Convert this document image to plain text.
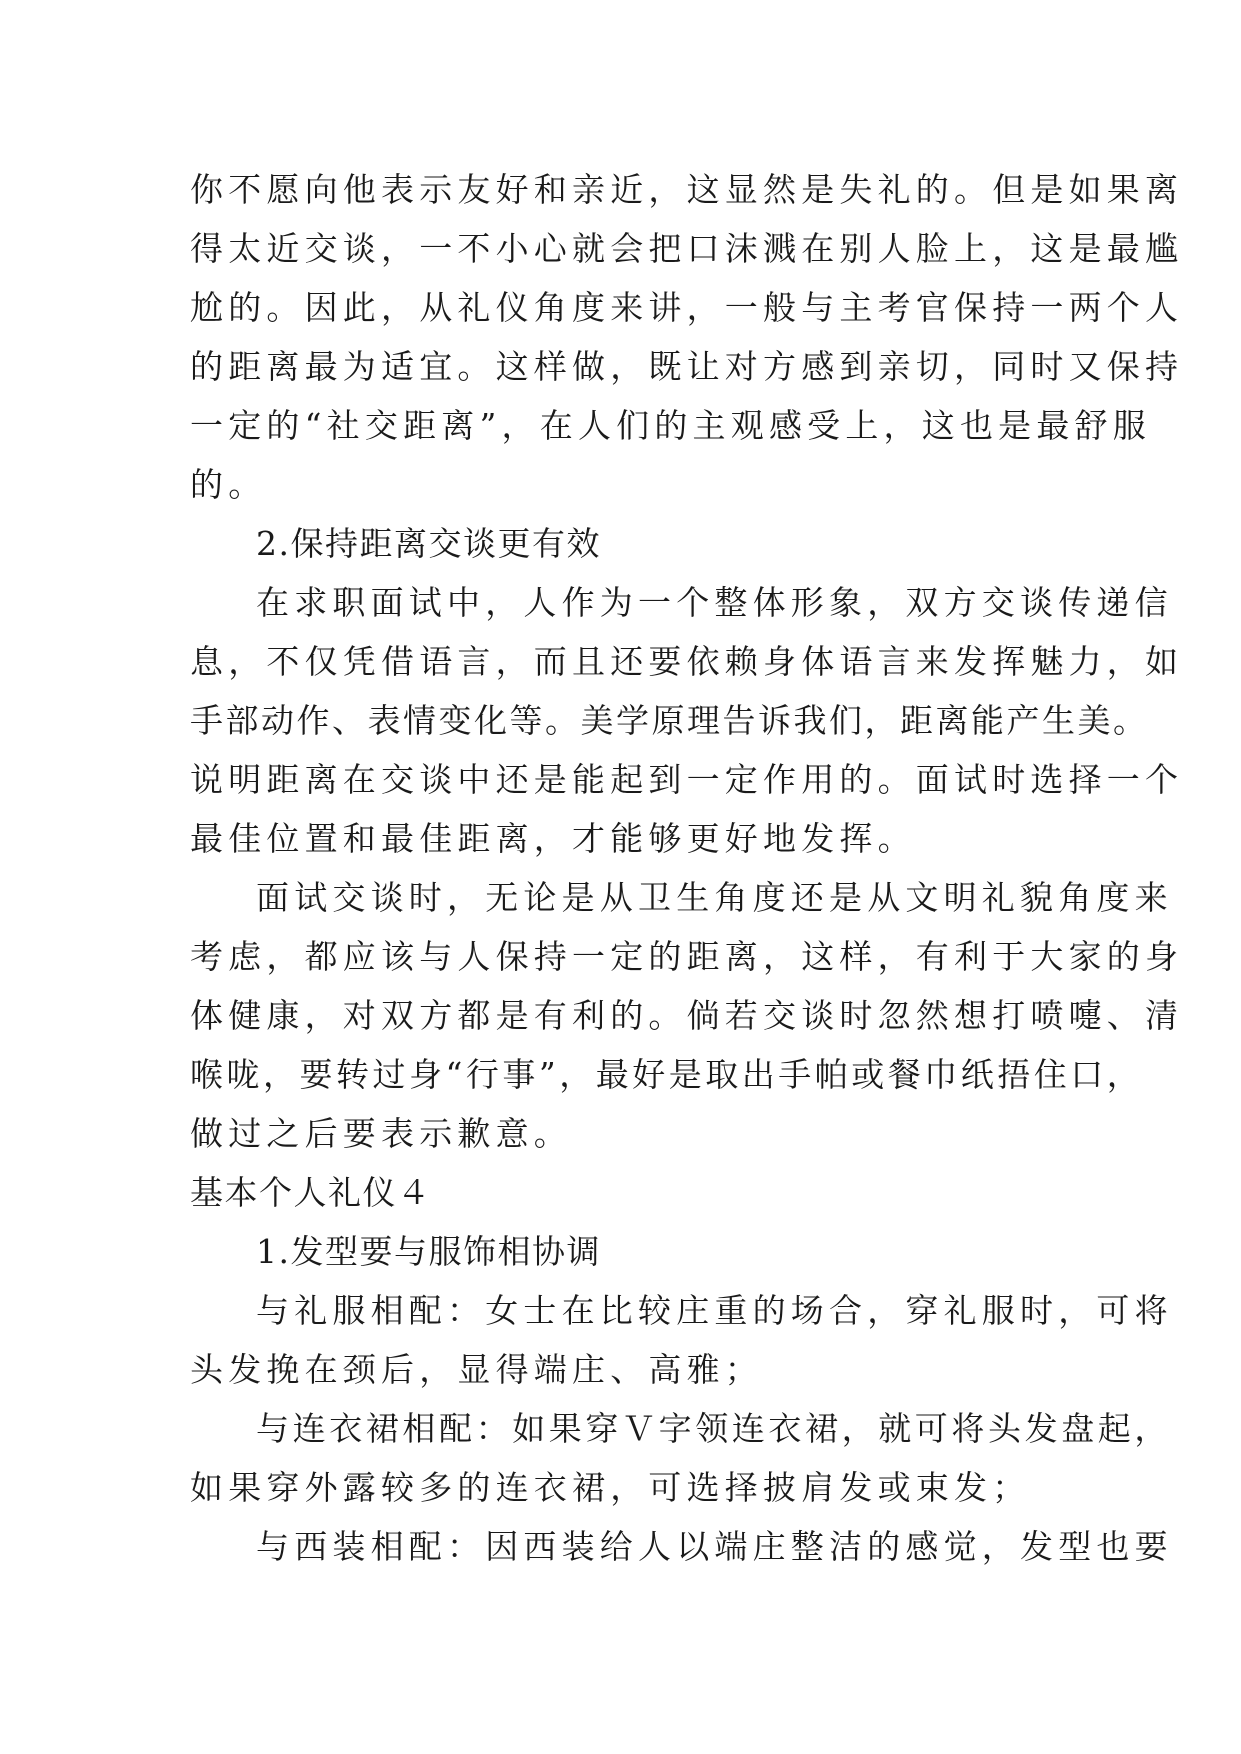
你不愿向他表示友好和亲近，这显然是失礼的。但是如果离
得太近交谈，一不小心就会把口沫溅在别人脸上，这是最尴
尬的。因此，从礼仪角度来讲，一般与主考官保持一两个人
的距离最为适宜。这样做，既让对方感到亲切，同时又保持
一定的“社交距离”，在人们的主观感受上，这也是最舒服
的。
2.保持距离交谈更有效
在求职面试中，人作为一个整体形象，双方交谈传递信
息，不仅凭借语言，而且还要依赖身体语言来发挥魅力，如
手部动作、表情变化等。美学原理告诉我们，距离能产生美。
说明距离在交谈中还是能起到一定作用的。面试时选择一个
最佳位置和最佳距离，才能够更好地发挥。
面试交谈时，无论是从卫生角度还是从文明礼貌角度来
考虑，都应该与人保持一定的距离，这样，有利于大家的身
体健康，对双方都是有利的。倘若交谈时忽然想打喷嚏、清
喉咙，要转过身“行事”，最好是取出手帕或餐巾纸捂住口，
做过之后要表示歉意。
基本个人礼仪４
1.发型要与服饰相协调
与礼服相配：女士在比较庄重的场合，穿礼服时，可将
头发挽在颈后，显得端庄、高雅；
与连衣裙相配：如果穿Ｖ字领连衣裙，就可将头发盘起，
如果穿外露较多的连衣裙，可选择披肩发或束发；
与西装相配：因西装给人以端庄整洁的感觉，发型也要
